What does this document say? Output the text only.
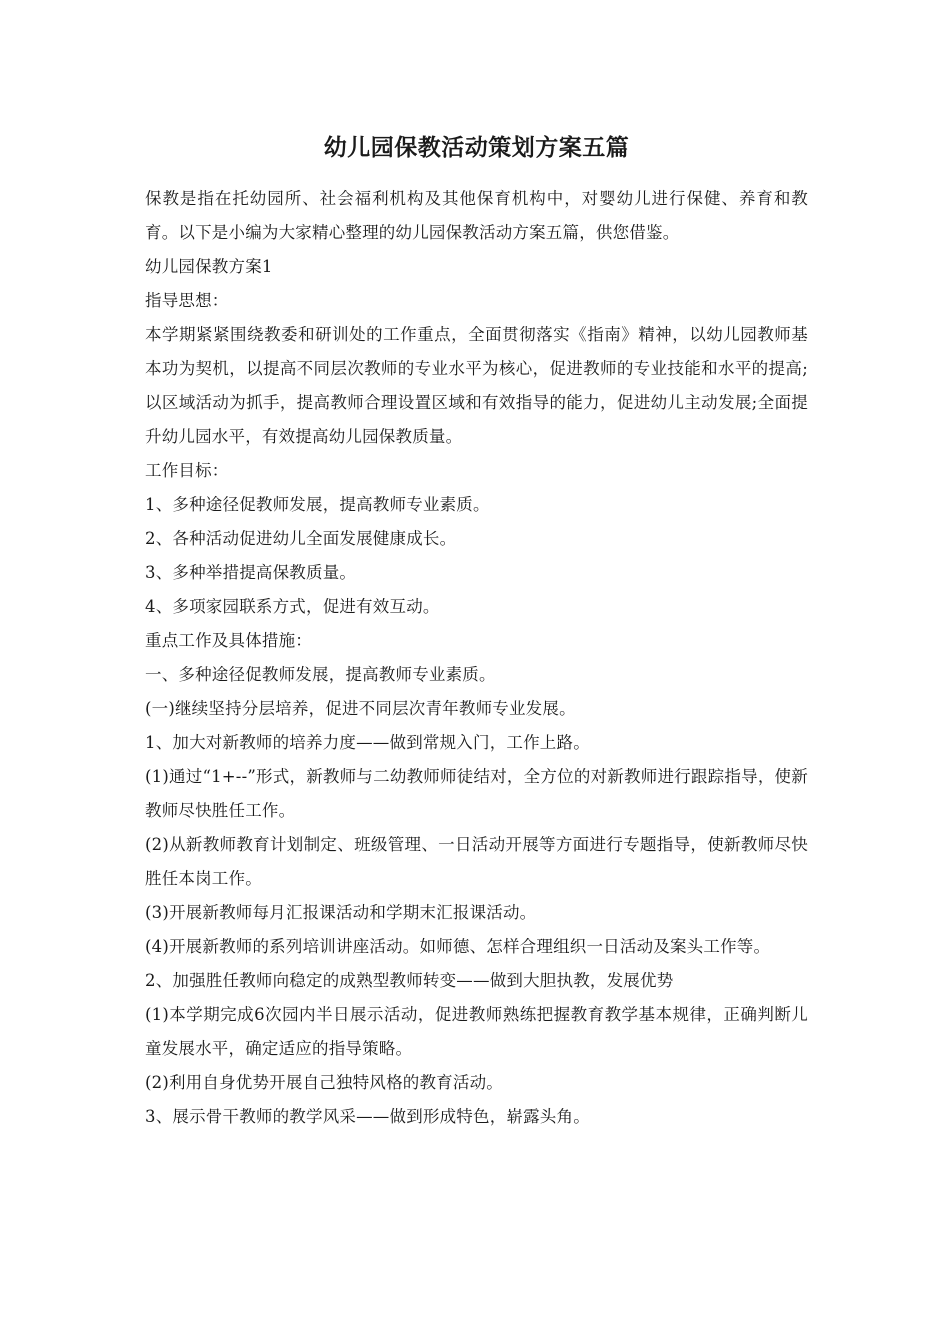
幼儿园保教活动策划方案五篇

保教是指在托幼园所、社会福利机构及其他保育机构中，对婴幼儿进行保健、养育和教育。以下是小编为大家精心整理的幼儿园保教活动方案五篇，供您借鉴。

幼儿园保教方案1

指导思想：

本学期紧紧围绕教委和研训处的工作重点，全面贯彻落实《指南》精神，以幼儿园教师基本功为契机，以提高不同层次教师的专业水平为核心，促进教师的专业技能和水平的提高;以区域活动为抓手，提高教师合理设置区域和有效指导的能力，促进幼儿主动发展;全面提升幼儿园水平，有效提高幼儿园保教质量。

工作目标：

1、多种途径促教师发展，提高教师专业素质。

2、各种活动促进幼儿全面发展健康成长。

3、多种举措提高保教质量。

4、多项家园联系方式，促进有效互动。

重点工作及具体措施：

一、多种途径促教师发展，提高教师专业素质。

(一)继续坚持分层培养，促进不同层次青年教师专业发展。

1、加大对新教师的培养力度——做到常规入门，工作上路。

(1)通过“1+--”形式，新教师与二幼教师师徒结对，全方位的对新教师进行跟踪指导，使新教师尽快胜任工作。

(2)从新教师教育计划制定、班级管理、一日活动开展等方面进行专题指导，使新教师尽快胜任本岗工作。

(3)开展新教师每月汇报课活动和学期末汇报课活动。

(4)开展新教师的系列培训讲座活动。如师德、怎样合理组织一日活动及案头工作等。

2、加强胜任教师向稳定的成熟型教师转变——做到大胆执教，发展优势

(1)本学期完成6次园内半日展示活动，促进教师熟练把握教育教学基本规律，正确判断儿童发展水平，确定适应的指导策略。

(2)利用自身优势开展自己独特风格的教育活动。

3、展示骨干教师的教学风采——做到形成特色，崭露头角。
